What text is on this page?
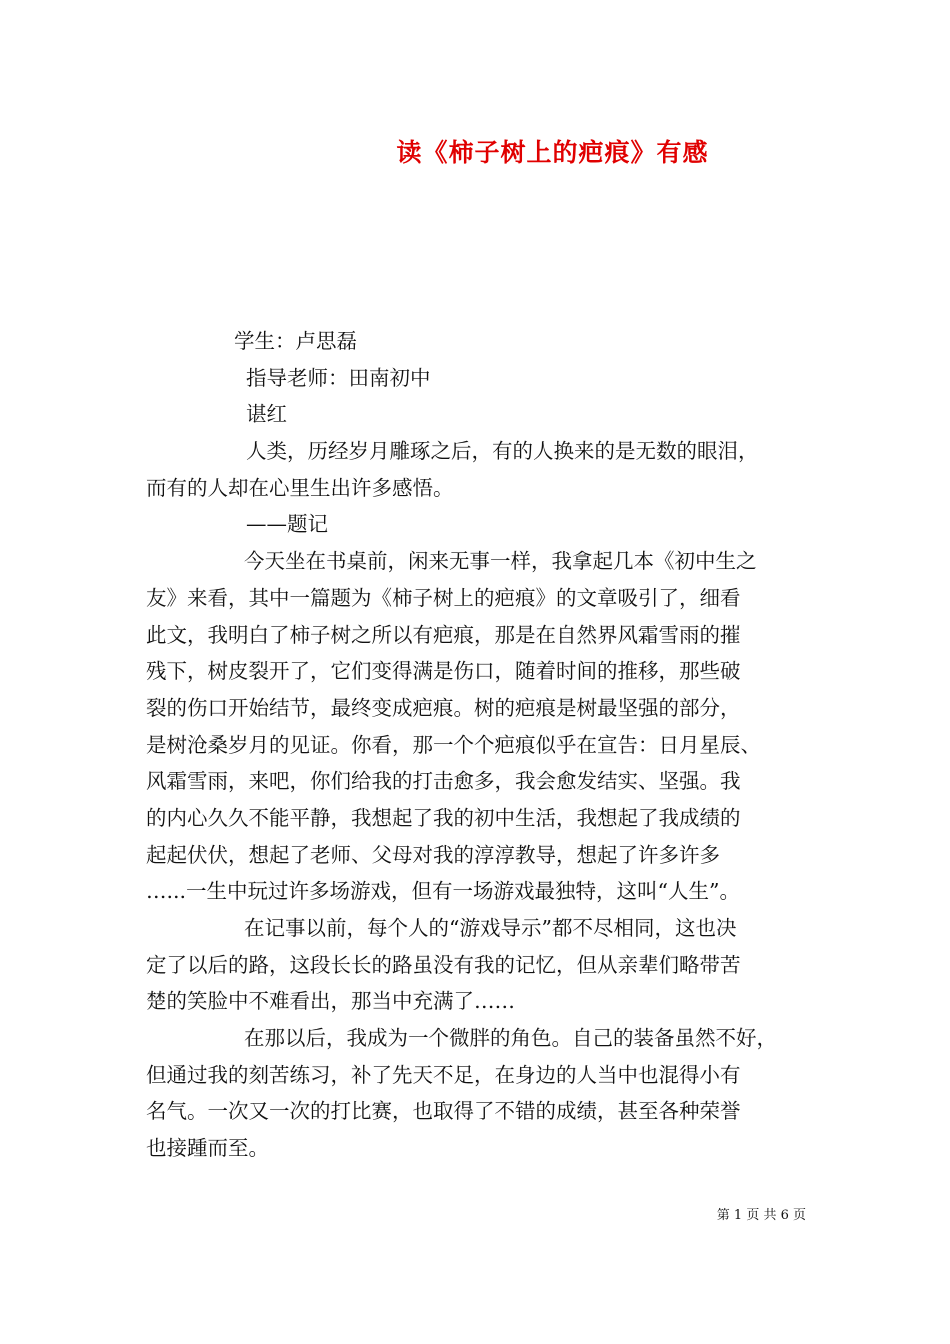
读《柿子树上的疤痕》有感
学生：卢思磊
指导老师：田南初中
谌红
人类，历经岁月雕琢之后，有的人换来的是无数的眼泪，
而有的人却在心里生出许多感悟。
——题记
今天坐在书桌前，闲来无事一样，我拿起几本《初中生之
友》来看，其中一篇题为《柿子树上的疤痕》的文章吸引了，细看
此文，我明白了柿子树之所以有疤痕，那是在自然界风霜雪雨的摧
残下，树皮裂开了，它们变得满是伤口，随着时间的推移，那些破
裂的伤口开始结节，最终变成疤痕。树的疤痕是树最坚强的部分，
是树沧桑岁月的见证。你看，那一个个疤痕似乎在宣告：日月星辰、
风霜雪雨，来吧，你们给我的打击愈多，我会愈发结实、坚强。我
的内心久久不能平静，我想起了我的初中生活，我想起了我成绩的
起起伏伏，想起了老师、父母对我的淳淳教导，想起了许多许多
…...一生中玩过许多场游戏，但有一场游戏最独特，这叫“人生”。
在记事以前，每个人的“游戏导示”都不尽相同，这也决
定了以后的路，这段长长的路虽没有我的记忆，但从亲辈们略带苦
楚的笑脸中不难看出，那当中充满了……
在那以后，我成为一个微胖的角色。自己的装备虽然不好，
但通过我的刻苦练习，补了先天不足，在身边的人当中也混得小有
名气。一次又一次的打比赛，也取得了不错的成绩，甚至各种荣誉
也接踵而至。
第 1 页 共 6 页
